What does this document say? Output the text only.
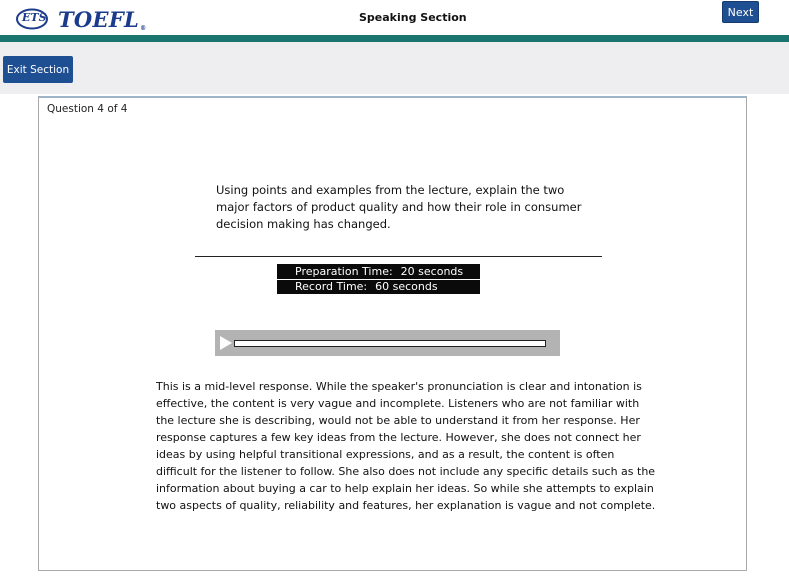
ETS TOEFL®
Speaking Section	Next
Exit Section
Question 4 of 4
Using points and examples from the lecture, explain the two major factors of product quality and how their role in consumer decision making has changed.
Preparation Time: 20 seconds
Record Time: 60 seconds
This is a mid-level response. While the speaker's pronunciation is clear and intonation is effective, the content is very vague and incomplete. Listeners who are not familiar with the lecture she is describing, would not be able to understand it from her response. Her response captures a few key ideas from the lecture. However, she does not connect her ideas by using helpful transitional expressions, and as a result, the content is often difficult for the listener to follow. She also does not include any specific details such as the information about buying a car to help explain her ideas. So while she attempts to explain two aspects of quality, reliability and features, her explanation is vague and not complete.
